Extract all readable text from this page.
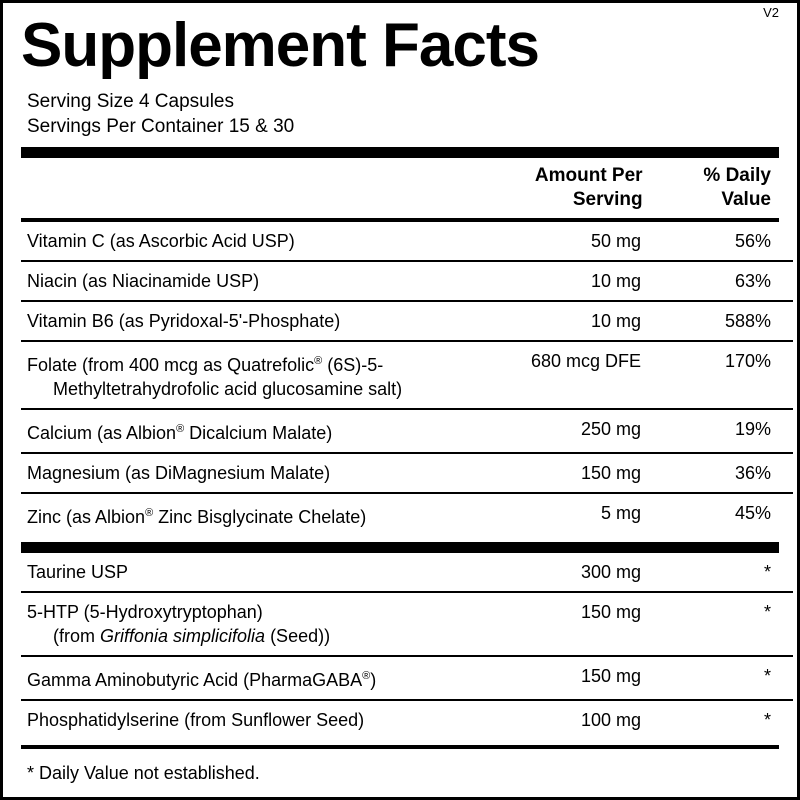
Supplement Facts	V2
Serving Size 4 Capsules
Servings Per Container 15 & 30

Amount Per
Serving

% Daily
Value
Vitamin C (as Ascorbic Acid USP)	50 mg	56%
Niacin (as Niacinamide USP)	10 mg	63%
Vitamin B6 (as Pyridoxal-5'-Phosphate)	10 mg	588%
Folate (from 400 mcg as Quatrefolic® (6S)-5-
Methyltetrahydrofolic acid glucosamine salt)	680 mcg DFE	170%
Calcium (as Albion® Dicalcium Malate)	250 mg	19%
Magnesium (as DiMagnesium Malate)	150 mg	36%
Zinc (as Albion® Zinc Bisglycinate Chelate)	5 mg	45%
Taurine USP	300 mg	*

5-HTP (5-Hydroxytryptophan)
(from Griffonia simplicifolia (Seed))	150 mg	*
Gamma Aminobutyric Acid (PharmaGABA®)	150 mg	*
Phosphatidylserine (from Sunflower Seed)	100 mg	*
* Daily Value not established.
